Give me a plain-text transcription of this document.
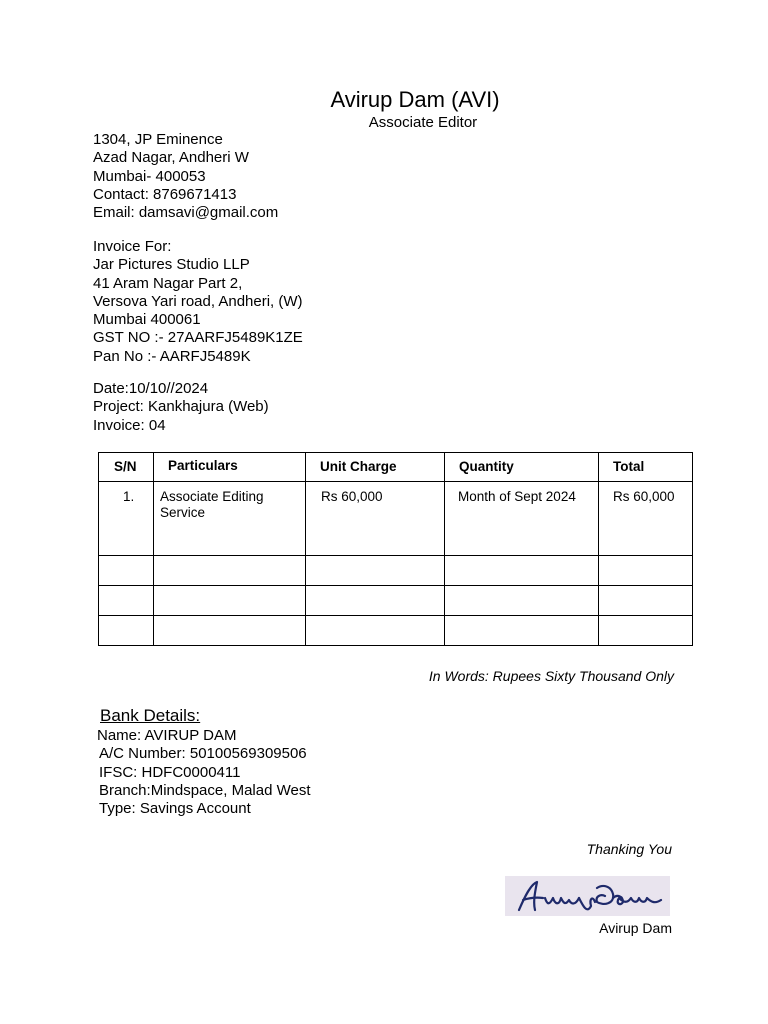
Avirup Dam (AVI)
Associate Editor
1304, JP Eminence
Azad Nagar, Andheri W
Mumbai- 400053
Contact: 8769671413
Email: damsavi@gmail.com
Invoice For:
Jar Pictures Studio LLP
41 Aram Nagar Part 2,
Versova Yari road, Andheri, (W)
Mumbai 400061
GST NO :- 27AARFJ5489K1ZE
Pan No :- AARFJ5489K
Date:10/10//2024
Project: Kankhajura (Web)
Invoice: 04
S/N	Particulars	Unit Charge	Quantity	Total

1.	Associate Editing Service	Rs 60,000	Month of Sept 2024	Rs 60,000

In Words: Rupees Sixty Thousand Only
Bank Details:
Name: AVIRUP DAM
A/C Number: 50100569309506
IFSC: HDFC0000411
Branch:Mindspace, Malad West
Type: Savings Account
Thanking You
Avirup Dam
